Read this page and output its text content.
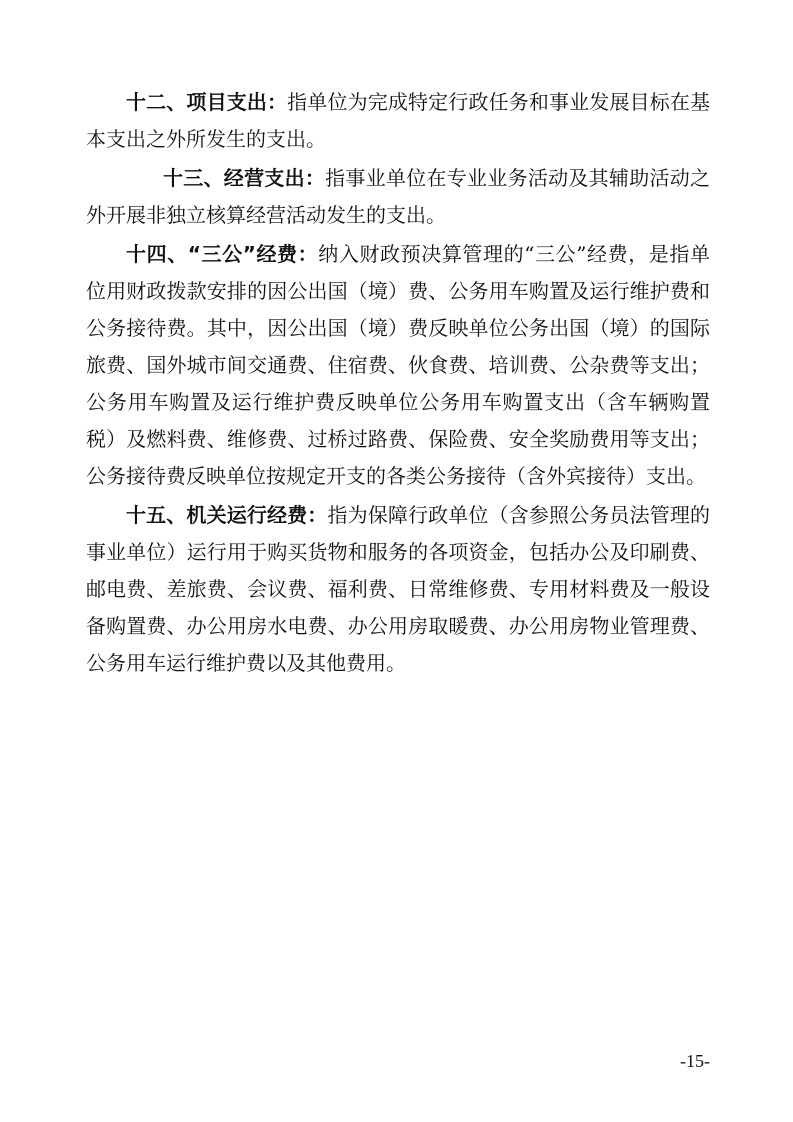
十二、项目支出：指单位为完成特定行政任务和事业发展目标在基本支出之外所发生的支出。

十三、经营支出：指事业单位在专业业务活动及其辅助活动之外开展非独立核算经营活动发生的支出。

十四、“三公”经费：纳入财政预决算管理的“三公”经费，是指单位用财政拨款安排的因公出国（境）费、公务用车购置及运行维护费和公务接待费。其中，因公出国（境）费反映单位公务出国（境）的国际旅费、国外城市间交通费、住宿费、伙食费、培训费、公杂费等支出；公务用车购置及运行维护费反映单位公务用车购置支出（含车辆购置税）及燃料费、维修费、过桥过路费、保险费、安全奖励费用等支出；公务接待费反映单位按规定开支的各类公务接待（含外宾接待）支出。

十五、机关运行经费：指为保障行政单位（含参照公务员法管理的事业单位）运行用于购买货物和服务的各项资金，包括办公及印刷费、邮电费、差旅费、会议费、福利费、日常维修费、专用材料费及一般设备购置费、办公用房水电费、办公用房取暖费、办公用房物业管理费、公务用车运行维护费以及其他费用。

-15-
